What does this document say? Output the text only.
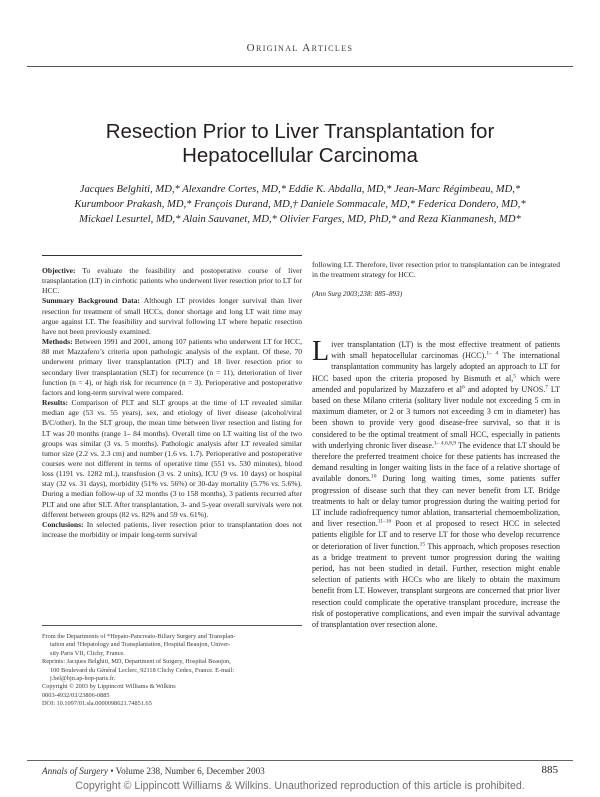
Original Articles
Resection Prior to Liver Transplantation for
Hepatocellular Carcinoma
Jacques Belghiti, MD,* Alexandre Cortes, MD,* Eddie K. Abdalla, MD,* Jean-Marc Régimbeau, MD,*
Kurumboor Prakash, MD,* François Durand, MD,† Daniele Sommacale, MD,* Federica Dondero, MD,*
Mickael Lesurtel, MD,* Alain Sauvanet, MD,* Olivier Farges, MD, PhD,* and Reza Kianmanesh, MD*

Objective: To evaluate the feasibility and postoperative course of liver transplantation (LT) in cirrhotic patients who underwent liver resection prior to LT for HCC.

Summary Background Data: Although LT provides longer survival than liver resection for treatment of small HCCs, donor shortage and long LT wait time may argue against LT. The feasibility and survival following LT where hepatic resection have not been previously examined.

Methods: Between 1991 and 2001, among 107 patients who underwent LT for HCC, 88 met Mazzafero’s criteria upon pathologic analysis of the explant. Of these, 70 underwent primary liver transplantation (PLT) and 18 liver resection prior to secondary liver transplantation (SLT) for recurrence (n = 11), deterioration of liver function (n = 4), or high risk for recurrence (n = 3). Perioperative and postoperative factors and long-term survival were compared.

Results: Comparison of PLT and SLT groups at the time of LT revealed similar median age (53 vs. 55 years), sex, and etiology of liver disease (alcohol/viral B/C/other). In the SLT group, the mean time between liver resection and listing for LT was 20 months (range 1– 84 months). Overall time on LT waiting list of the two groups was similar (3 vs. 5 months). Pathologic analysis after LT revealed similar tumor size (2.2 vs. 2.3 cm) and number (1.6 vs. 1.7). Perioperative and postoperative courses were not different in terms of operative time (551 vs. 530 minutes), blood loss (1191 vs. 1282 mL), transfusion (3 vs. 2 units), ICU (9 vs. 10 days) or hospital stay (32 vs. 31 days), morbidity (51% vs. 56%) or 30-day mortality (5.7% vs. 5.6%). During a median follow-up of 32 months (3 to 158 months), 3 patients recurred after PLT and one after SLT. After transplantation, 3- and 5-year overall survivals were not different between groups (82 vs. 82% and 59 vs. 61%).

Conclusions: In selected patients, liver resection prior to transplantation does not increase the morbidity or impair long-term survival

From the Departments of *Hepato-Pancreato-Biliary Surgery and Transplan-

tation and †Hepatology and Transplantation, Hospital Beaujon, Univer-

sity Paris VII, Clichy, France.

Reprints: Jacques Belghiti, MD, Department of Surgery, Hospital Beaujon,

100 Boulevard du Général Leclerc, 92118 Clichy Cedex, France. E-mail:

j.bel@bjn.ap-hop-paris.fr.

Copyright © 2003 by Lippincott Williams & Wilkins

0003-4932/03/23806-0885

DOI: 10.1097/01.sla.0000098621.74851.65

following LT. Therefore, liver resection prior to transplantation can be integrated in the treatment strategy for HCC.
(Ann Surg 2003;238: 885–893)
Liver transplantation (LT) is the most effective treatment of patients with small hepatocellular carcinomas (HCC).$^{1- 4}$ The international transplantation community has largely adopted an approach to LT for HCC based upon the criteria proposed by Bismuth et al,$^5$ which were amended and popularized by Mazzafero et $al^6$ and adopted by UNOS.$^7$ LT based on these Milano criteria (solitary liver nodule not exceeding 5 cm in maximum diameter, or 2 or 3 tumors not exceeding 3 cm in diameter) has been shown to provide very good disease-free survival, so that it is considered to be the optimal treatment of small HCC, especially in patients with underlying chronic liver disease.$^{1- 4,6,8,9}$ The evidence that LT should be therefore the preferred treatment choice for these patients has increased the demand resulting in longer waiting lists in the face of a relative shortage of available donors.$^{10}$ During long waiting times, some patients suffer progression of disease such that they can never benefit from LT. Bridge treatments to halt or delay tumor progression during the waiting period for LT include radiofrequency tumor ablation, transarterial chemoembolization, and liver resection.$^{11-16}$ Poon et al proposed to resect HCC in selected patients eligible for LT and to reserve LT for those who develop recurrence or deterioration of liver function.$^{15}$ This approach, which proposes resection as a bridge treatment to prevent tumor progression during the waiting period, has not been studied in detail. Further, resection might enable selection of patients with HCCs who are likely to obtain the maximum benefit from LT. However, transplant surgeons are concerned that prior liver resection could complicate the operative transplant procedure, increase the risk of postoperative complications, and even impair the survival advantage of transplantation over resection alone.
Annals of Surgery • Volume 238, Number 6, December 2003	885
Copyright © Lippincott Williams & Wilkins. Unauthorized reproduction of this article is prohibited.
